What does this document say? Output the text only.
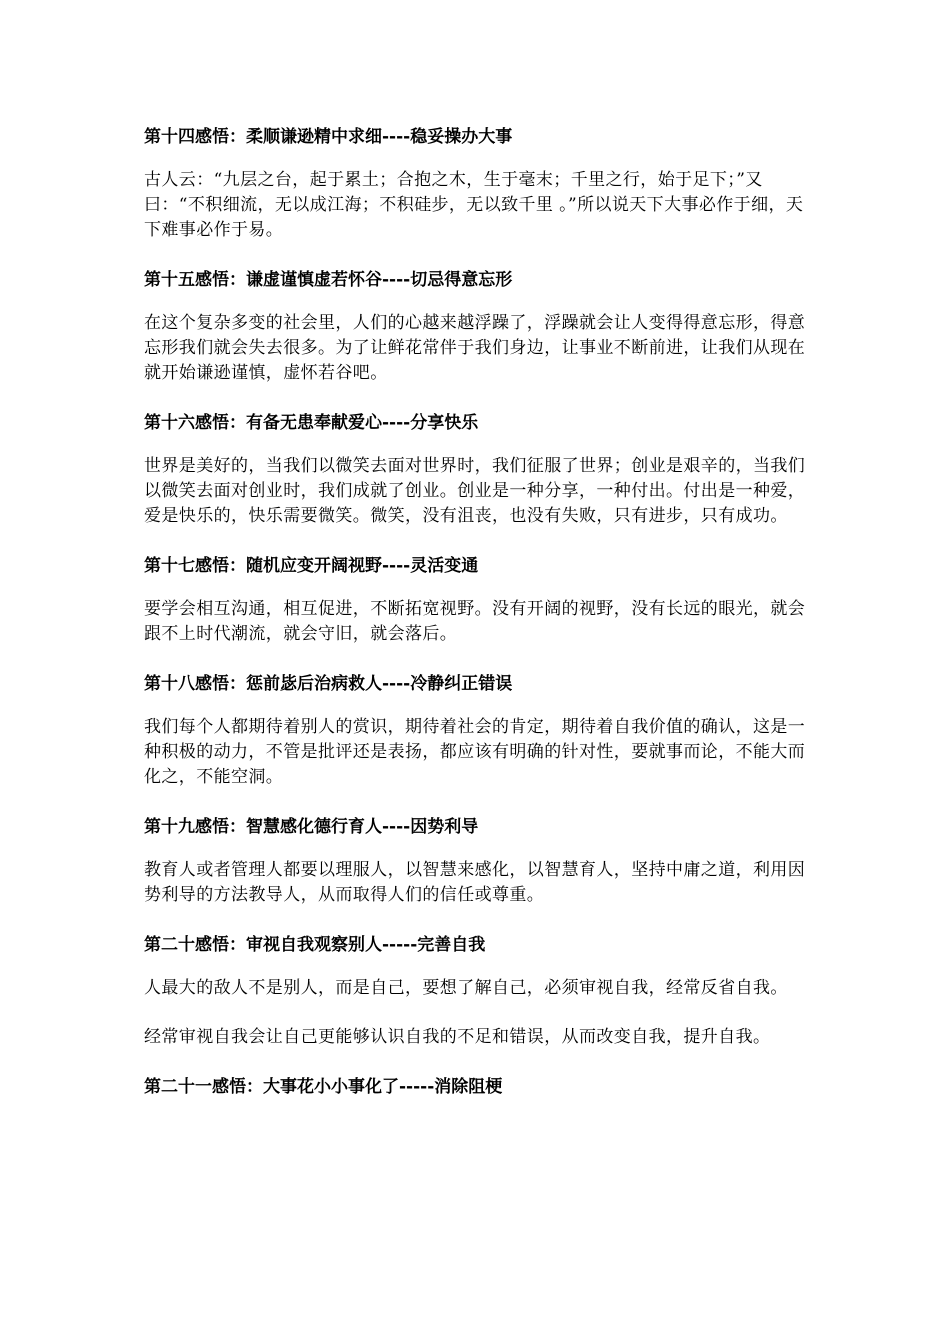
第十四感悟：柔顺谦逊精中求细----稳妥操办大事
古人云：“九层之台，起于累土；合抱之木，生于毫末；千里之行，始于足下；”又曰：“不积细流，无以成江海；不积硅步，无以致千里 。”所以说天下大事必作于细，天下难事必作于易。
第十五感悟：谦虚谨慎虚若怀谷----切忌得意忘形
在这个复杂多变的社会里，人们的心越来越浮躁了，浮躁就会让人变得得意忘形，得意忘形我们就会失去很多。为了让鲜花常伴于我们身边，让事业不断前进，让我们从现在就开始谦逊谨慎，虚怀若谷吧。
第十六感悟：有备无患奉献爱心----分享快乐
世界是美好的，当我们以微笑去面对世界时，我们征服了世界；创业是艰辛的，当我们以微笑去面对创业时，我们成就了创业。创业是一种分享，一种付出。付出是一种爱，爱是快乐的，快乐需要微笑。微笑，没有沮丧，也没有失败，只有进步，只有成功。
第十七感悟：随机应变开阔视野----灵活变通
要学会相互沟通，相互促进，不断拓宽视野。没有开阔的视野，没有长远的眼光，就会跟不上时代潮流，就会守旧，就会落后。
第十八感悟：惩前毖后治病救人----冷静纠正错误
我们每个人都期待着别人的赏识，期待着社会的肯定，期待着自我价值的确认，这是一种积极的动力，不管是批评还是表扬，都应该有明确的针对性，要就事而论，不能大而化之，不能空洞。
第十九感悟：智慧感化德行育人----因势利导
教育人或者管理人都要以理服人，以智慧来感化，以智慧育人，坚持中庸之道，利用因势利导的方法教导人，从而取得人们的信任或尊重。
第二十感悟：审视自我观察别人-----完善自我
人最大的敌人不是别人，而是自己，要想了解自己，必须审视自我，经常反省自我。
经常审视自我会让自己更能够认识自我的不足和错误，从而改变自我，提升自我。
第二十一感悟：大事花小小事化了-----消除阻梗
